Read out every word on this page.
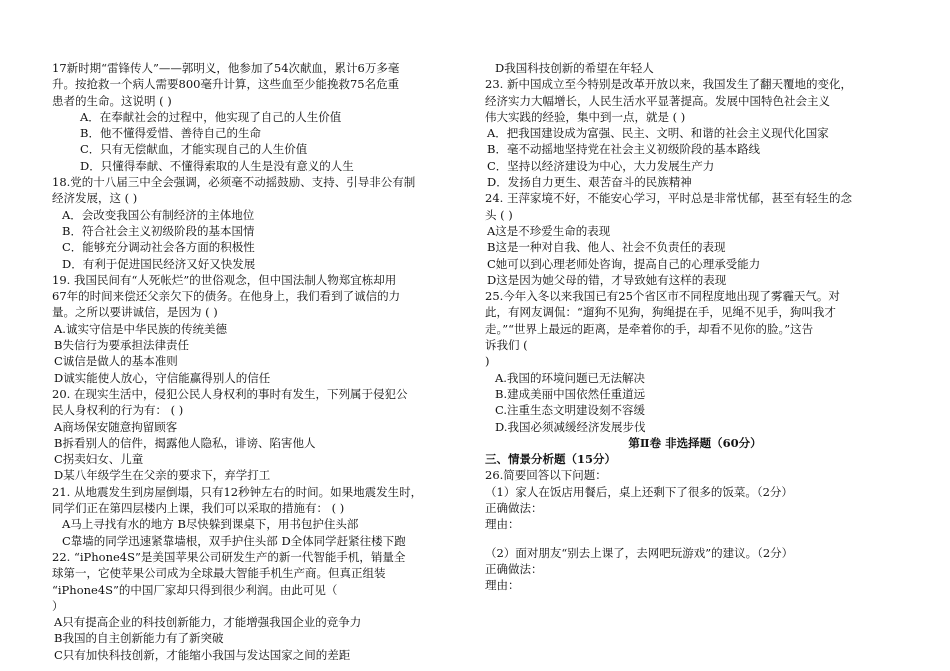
17新时期“雷锋传人”——郭明义，他参加了54次献血，累计6万多毫
升。按抢救一个病人需要800毫升计算，这些血至少能挽救75名危重
患者的生命。这说明 ( )
A．在奉献社会的过程中，他实现了自己的人生价值
B．他不懂得爱惜、善待自己的生命
C．只有无偿献血，才能实现自己的人生价值
D．只懂得奉献、不懂得索取的人生是没有意义的人生
18.党的十八届三中全会强调，必须毫不动摇鼓励、支持、引导非公有制
经济发展，这 ( )
A．会改变我国公有制经济的主体地位
B．符合社会主义初级阶段的基本国情
C．能够充分调动社会各方面的积极性
D．有利于促进国民经济又好又快发展
19. 我国民间有“人死帐烂”的世俗观念，但中国法制人物郑宜栋却用
67年的时间来偿还父亲欠下的债务。在他身上，我们看到了诚信的力
量。之所以要讲诚信，是因为 ( )
A.诚实守信是中华民族的传统美德
B失信行为要承担法律责任
C诚信是做人的基本准则
D诚实能使人放心，守信能赢得别人的信任
20. 在现实生活中，侵犯公民人身权利的事时有发生，下列属于侵犯公
民人身权利的行为有： ( )
A商场保安随意拘留顾客
B拆看别人的信件，揭露他人隐私，诽谤、陷害他人
C拐卖妇女、儿童
D某八年级学生在父亲的要求下，弃学打工
21. 从地震发生到房屋倒塌，只有12秒钟左右的时间。如果地震发生时，
同学们正在第四层楼内上课，我们可以采取的措施有： ( )
A马上寻找有水的地方 B尽快躲到课桌下，用书包护住头部
C靠墙的同学迅速紧靠墙根，双手护住头部 D全体同学赶紧往楼下跑
22. “iPhone4S”是美国苹果公司研发生产的新一代智能手机，销量全
球第一，它使苹果公司成为全球最大智能手机生产商。但真正组装
“iPhone4S”的中国厂家却只得到很少利润。由此可见（
）
A只有提高企业的科技创新能力，才能增强我国企业的竞争力
B我国的自主创新能力有了新突破
C只有加快科技创新，才能缩小我国与发达国家之间的差距
D我国科技创新的希望在年轻人
23. 新中国成立至今特别是改革开放以来，我国发生了翻天覆地的变化，
经济实力大幅增长，人民生活水平显著提高。发展中国特色社会主义
伟大实践的经验，集中到一点，就是 ( )
A．把我国建设成为富强、民主、文明、和谐的社会主义现代化国家
B．毫不动摇地坚持党在社会主义初级阶段的基本路线
C．坚持以经济建设为中心，大力发展生产力
D．发扬自力更生、艰苦奋斗的民族精神
24. 王萍家境不好，不能安心学习，平时总是非常忧郁，甚至有轻生的念
头 ( )
A这是不珍爱生命的表现
B这是一种对自我、他人、社会不负责任的表现
C她可以到心理老师处咨询，提高自己的心理承受能力
D这是因为她父母的错，才导致她有这样的表现
25.今年入冬以来我国已有25个省区市不同程度地出现了雾霾天气。对
此，有网友调侃：“遛狗不见狗，狗绳提在手，见绳不见手，狗叫我才
走。”“世界上最远的距离，是牵着你的手，却看不见你的脸。”这告
诉我们 (
)
A.我国的环境问题已无法解决
B.建成美丽中国依然任重道远
C.注重生态文明建设刻不容缓
D.我国必须减缓经济发展步伐
第Ⅱ卷 非选择题（60分）
三、情景分析题（15分）
26.简要回答以下问题：
（1）家人在饭店用餐后，桌上还剩下了很多的饭菜。（2分）
正确做法：
理由：
（2）面对朋友“别去上课了，去网吧玩游戏”的建议。（2分）
正确做法：
理由：
